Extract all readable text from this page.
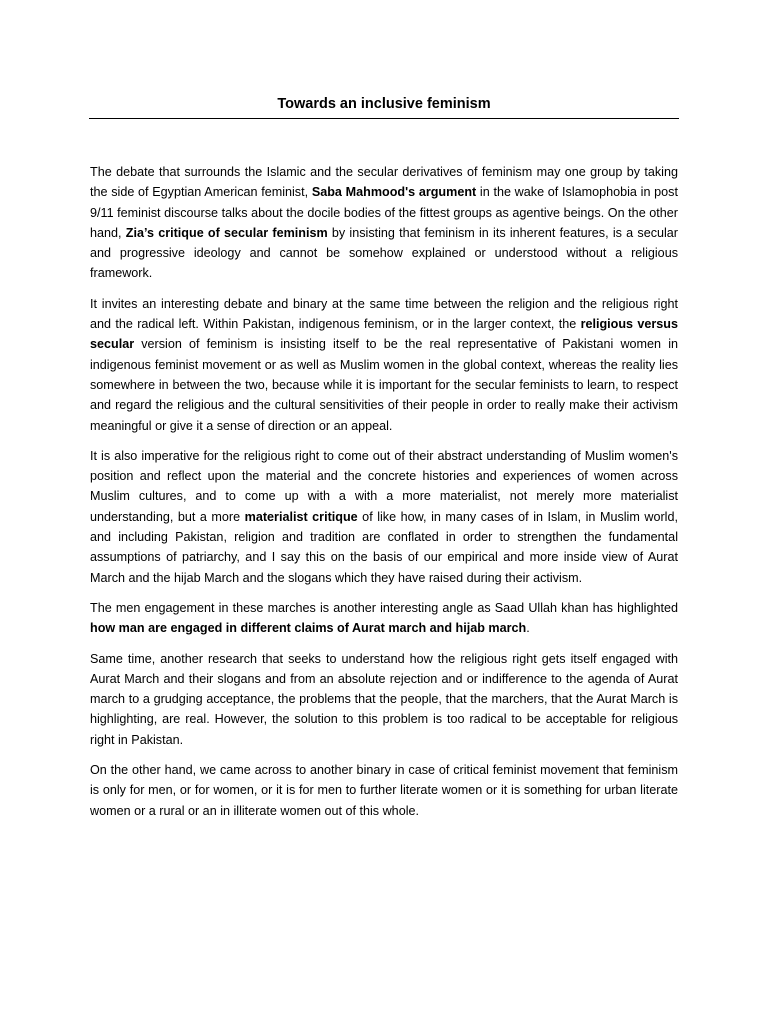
Towards an inclusive feminism

The debate that surrounds the Islamic and the secular derivatives of feminism may one group by taking the side of Egyptian American feminist, Saba Mahmood's argument in the wake of Islamophobia in post 9/11 feminist discourse talks about the docile bodies of the fittest groups as agentive beings. On the other hand, Zia’s critique of secular feminism by insisting that feminism in its inherent features, is a secular and progressive ideology and cannot be somehow explained or understood without a religious framework.

It invites an interesting debate and binary at the same time between the religion and the religious right and the radical left. Within Pakistan, indigenous feminism, or in the larger context, the religious versus secular version of feminism is insisting itself to be the real representative of Pakistani women in indigenous feminist movement or as well as Muslim women in the global context, whereas the reality lies somewhere in between the two, because while it is important for the secular feminists to learn, to respect and regard the religious and the cultural sensitivities of their people in order to really make their activism meaningful or give it a sense of direction or an appeal.

It is also imperative for the religious right to come out of their abstract understanding of Muslim women's position and reflect upon the material and the concrete histories and experiences of women across Muslim cultures, and to come up with a with a more materialist, not merely more materialist understanding, but a more materialist critique of like how, in many cases of in Islam, in Muslim world, and including Pakistan, religion and tradition are conflated in order to strengthen the fundamental assumptions of patriarchy, and I say this on the basis of our empirical and more inside view of Aurat March and the hijab March and the slogans which they have raised during their activism.

The men engagement in these marches is another interesting angle as Saad Ullah khan has highlighted how man are engaged in different claims of Aurat march and hijab march.

Same time, another research that seeks to understand how the religious right gets itself engaged with Aurat March and their slogans and from an absolute rejection and or indifference to the agenda of Aurat march to a grudging acceptance, the problems that the people, that the marchers, that the Aurat March is highlighting, are real. However, the solution to this problem is too radical to be acceptable for religious right in Pakistan.

On the other hand, we came across to another binary in case of critical feminist movement that feminism is only for men, or for women, or it is for men to further literate women or it is something for urban literate women or a rural or an in illiterate women out of this whole.
